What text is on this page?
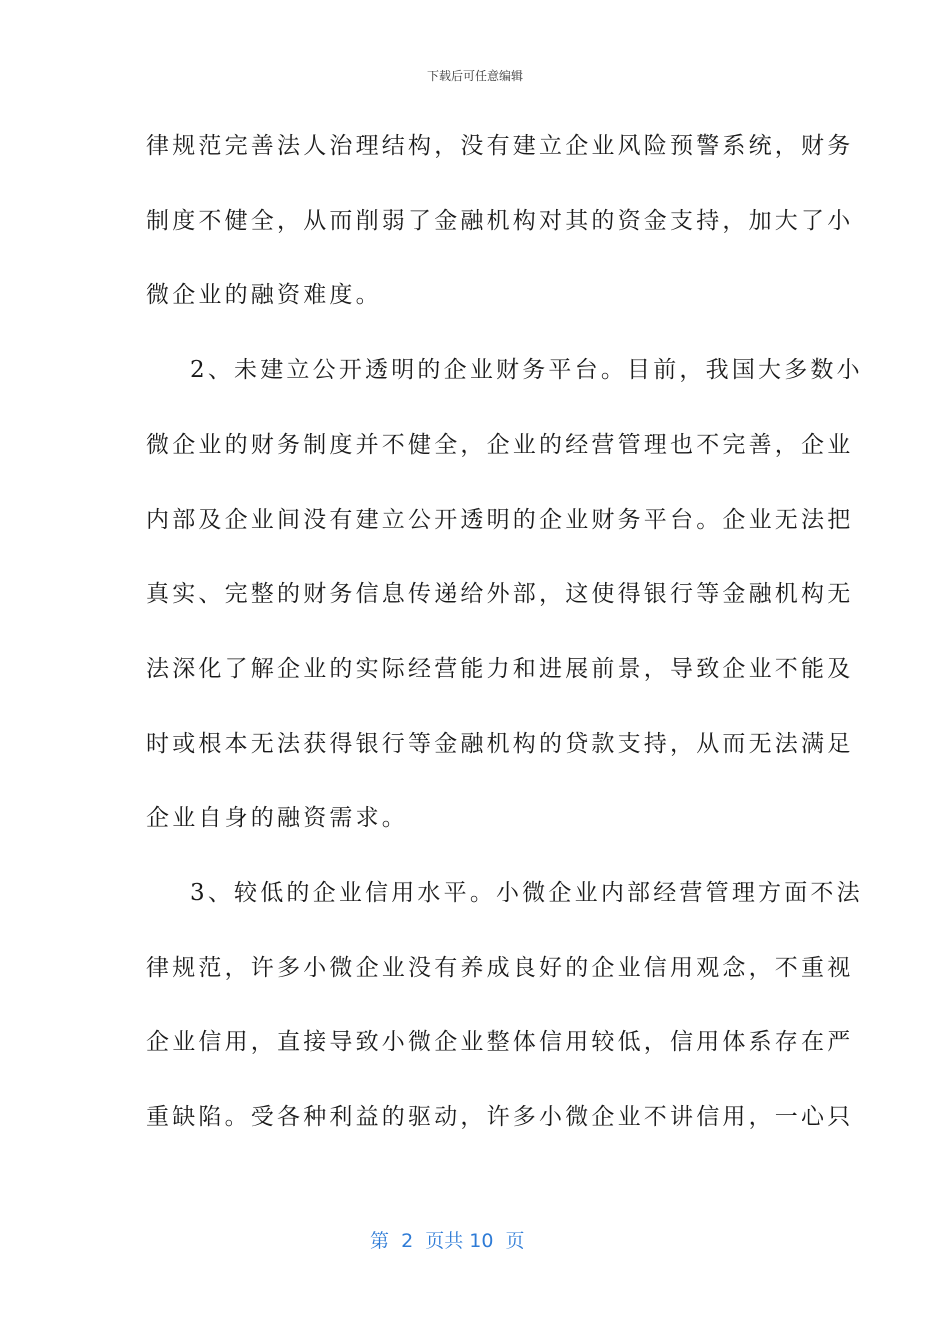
下载后可任意编辑
律规范完善法人治理结构，没有建立企业风险预警系统，财务
制度不健全，从而削弱了金融机构对其的资金支持，加大了小
微企业的融资难度。
2、未建立公开透明的企业财务平台。目前，我国大多数小
微企业的财务制度并不健全，企业的经营管理也不完善，企业
内部及企业间没有建立公开透明的企业财务平台。企业无法把
真实、完整的财务信息传递给外部，这使得银行等金融机构无
法深化了解企业的实际经营能力和进展前景，导致企业不能及
时或根本无法获得银行等金融机构的贷款支持，从而无法满足
企业自身的融资需求。
3、较低的企业信用水平。小微企业内部经营管理方面不法
律规范，许多小微企业没有养成良好的企业信用观念，不重视
企业信用，直接导致小微企业整体信用较低，信用体系存在严
重缺陷。受各种利益的驱动，许多小微企业不讲信用，一心只
第  2  页共 10  页
